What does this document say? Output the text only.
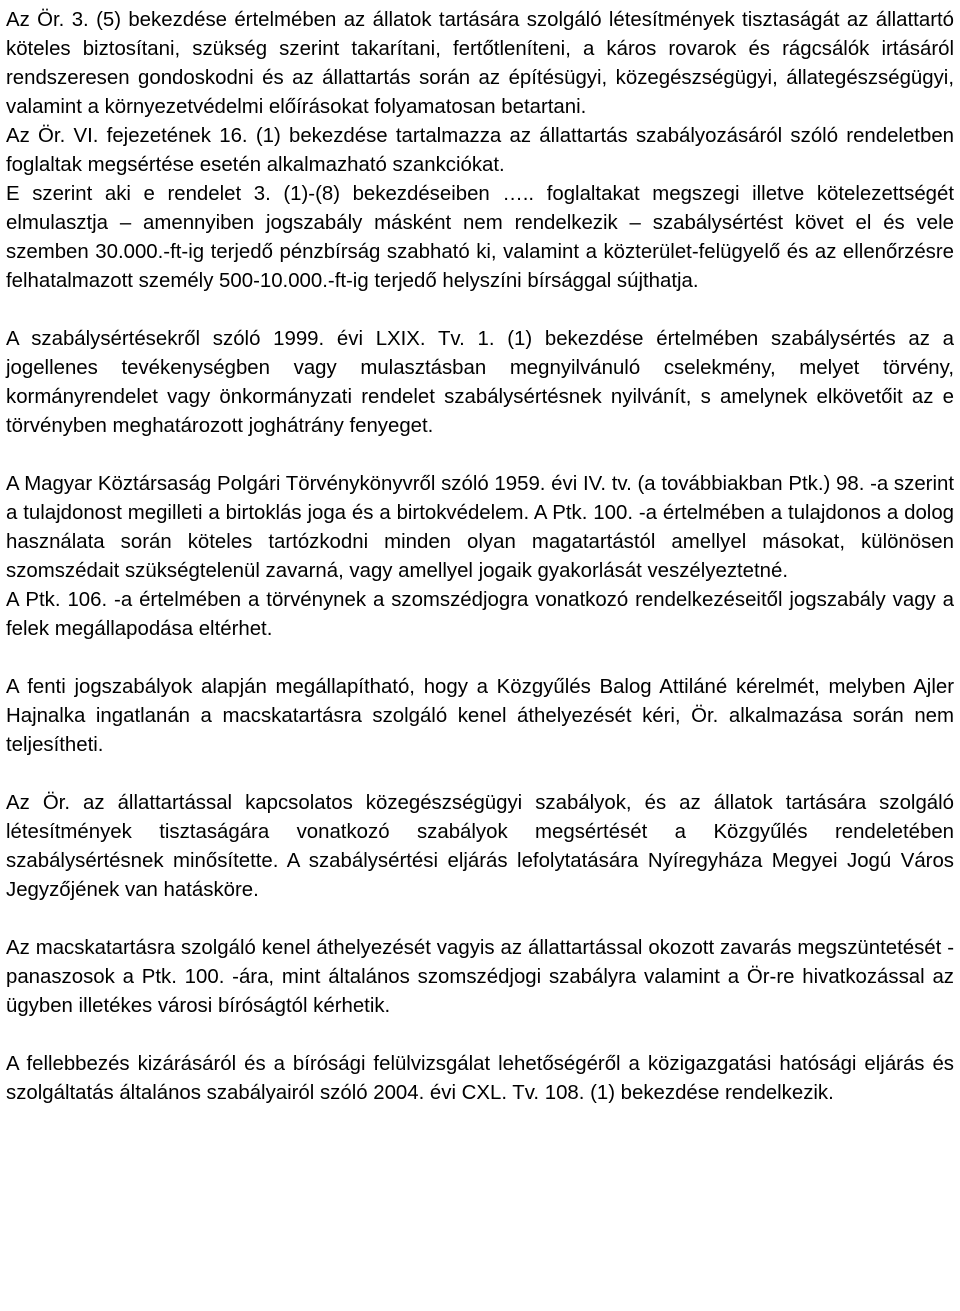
Az Ör. 3. (5) bekezdése értelmében az állatok tartására szolgáló létesítmények tisztaságát az állattartó köteles biztosítani, szükség szerint takarítani, fertőtleníteni, a káros rovarok és rágcsálók irtásáról rendszeresen gondoskodni és az állattartás során az építésügyi, közegészségügyi, állategészségügyi, valamint a környezetvédelmi előírásokat folyamatosan betartani.

Az Ör. VI. fejezetének 16. (1) bekezdése tartalmazza az állattartás szabályozásáról szóló rendeletben foglaltak megsértése esetén alkalmazható szankciókat.

E szerint aki e rendelet 3. (1)-(8) bekezdéseiben ….. foglaltakat megszegi illetve kötelezettségét elmulasztja – amennyiben jogszabály másként nem rendelkezik – szabálysértést követ el és vele szemben 30.000.-ft-ig terjedő pénzbírság szabható ki, valamint a közterület-felügyelő és az ellenőrzésre felhatalmazott személy 500-10.000.-ft-ig terjedő helyszíni bírsággal sújthatja.

A szabálysértésekről szóló 1999. évi LXIX. Tv. 1. (1) bekezdése értelmében szabálysértés az a jogellenes tevékenységben vagy mulasztásban megnyilvánuló cselekmény, melyet törvény, kormányrendelet vagy önkormányzati rendelet szabálysértésnek nyilvánít, s amelynek elkövetőit az e törvényben meghatározott joghátrány fenyeget.

A Magyar Köztársaság Polgári Törvénykönyvről szóló 1959. évi IV. tv. (a továbbiakban Ptk.) 98. -a szerint a tulajdonost megilleti a birtoklás joga és a birtokvédelem. A Ptk. 100. -a értelmében a tulajdonos a dolog használata során köteles tartózkodni minden olyan magatartástól amellyel másokat, különösen szomszédait szükségtelenül zavarná, vagy amellyel jogaik gyakorlását veszélyeztetné.

A Ptk. 106. -a értelmében a törvénynek a szomszédjogra vonatkozó rendelkezéseitől jogszabály vagy a felek megállapodása eltérhet.

A fenti jogszabályok alapján megállapítható, hogy a Közgyűlés Balog Attiláné kérelmét, melyben Ajler Hajnalka ingatlanán a macskatartásra szolgáló kenel áthelyezését kéri, Ör. alkalmazása során nem teljesítheti.

Az Ör. az állattartással kapcsolatos közegészségügyi szabályok, és az állatok tartására szolgáló létesítmények tisztaságára vonatkozó szabályok megsértését a Közgyűlés rendeletében szabálysértésnek minősítette. A szabálysértési eljárás lefolytatására Nyíregyháza Megyei Jogú Város Jegyzőjének van hatásköre.

Az macskatartásra szolgáló kenel áthelyezését vagyis az állattartással okozott zavarás megszüntetését - panaszosok a Ptk. 100. -ára, mint általános szomszédjogi szabályra valamint a Ör-re hivatkozással az ügyben illetékes városi bíróságtól kérhetik.

A fellebbezés kizárásáról és a bírósági felülvizsgálat lehetőségéről a közigazgatási hatósági eljárás és szolgáltatás általános szabályairól szóló 2004. évi CXL. Tv. 108. (1) bekezdése rendelkezik.
